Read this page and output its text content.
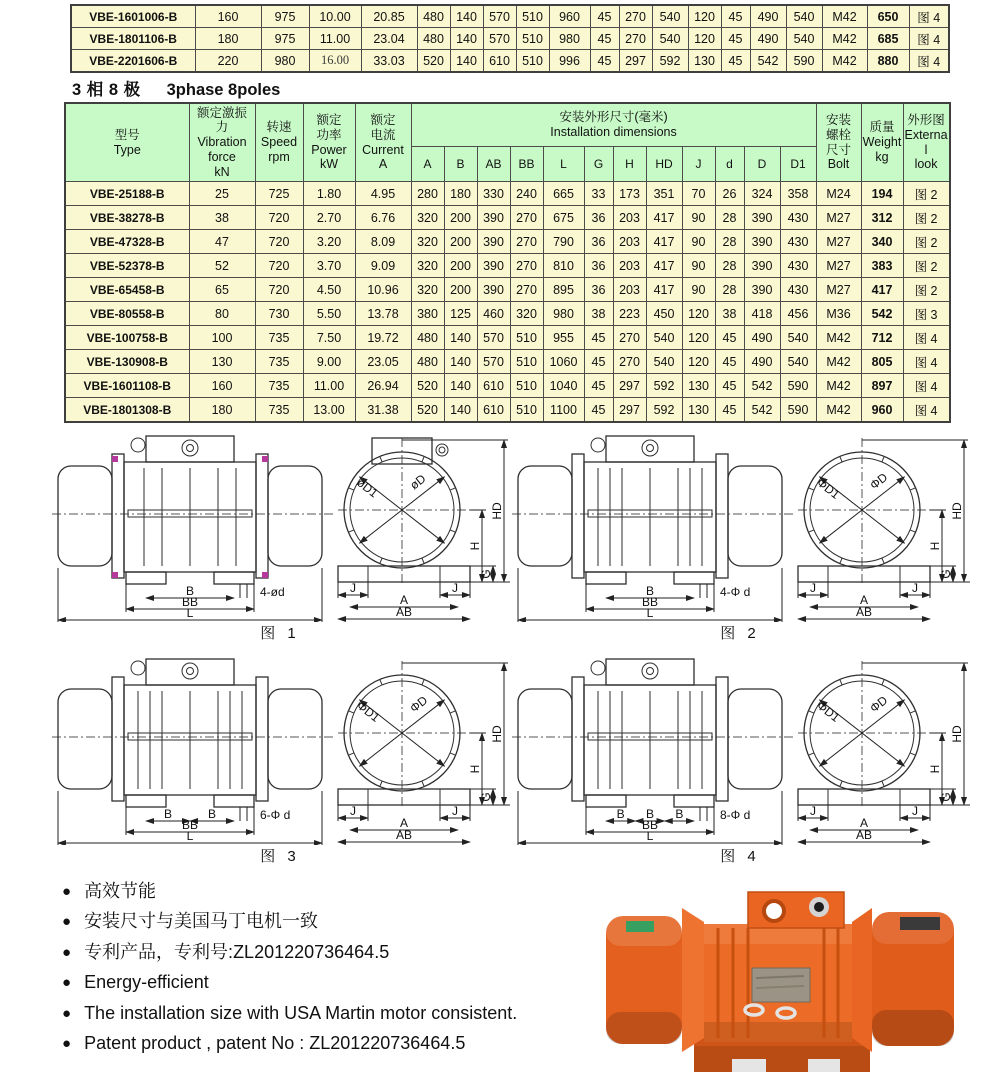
VBE-1601006-B	160	975	10.00	20.85	480	140	570	510	960	45	270	540	120	45	490	540	M42	650	图 4
VBE-1801106-B	180	975	11.00	23.04	480	140	570	510	980	45	270	540	120	45	490	540	M42	685	图 4
VBE-2201606-B	220	980	16.00	33.03	520	140	610	510	996	45	297	592	130	45	542	590	M42	880	图 4
3 相 8 极 3phase 8poles
型号
Type	额定激振
力
Vibration
force
kN	转速
Speed
rpm	额定
功率
Power
kW	额定
电流
Current
A	安装外形尺寸(毫米)
Installation dimensions												安装
螺栓
尺寸
Bolt	质量
Weight
kg	外形图
Externa
l
look
					A	B	AB	BB	L	G	H	HD	J	d	D	D1			
VBE-25188-B	25	725	1.80	4.95	280	180	330	240	665	33	173	351	70	26	324	358	M24	194	图 2
VBE-38278-B	38	720	2.70	6.76	320	200	390	270	675	36	203	417	90	28	390	430	M27	312	图 2
VBE-47328-B	47	720	3.20	8.09	320	200	390	270	790	36	203	417	90	28	390	430	M27	340	图 2
VBE-52378-B	52	720	3.70	9.09	320	200	390	270	810	36	203	417	90	28	390	430	M27	383	图 2
VBE-65458-B	65	720	4.50	10.96	320	200	390	270	895	36	203	417	90	28	390	430	M27	417	图 2
VBE-80558-B	80	730	5.50	13.78	380	125	460	320	980	38	223	450	120	38	418	456	M36	542	图 3
VBE-100758-B	100	735	7.50	19.72	480	140	570	510	955	45	270	540	120	45	490	540	M42	712	图 4
VBE-130908-B	130	735	9.00	23.05	480	140	570	510	1060	45	270	540	120	45	490	540	M42	805	图 4
VBE-1601108-B	160	735	11.00	26.94	520	140	610	510	1040	45	297	592	130	45	542	590	M42	897	图 4
VBE-1801308-B	180	735	13.00	31.38	520	140	610	510	1100	45	297	592	130	45	542	590	M42	960	图 4
4-ød
B
BB
L
øD
øD1
J	J
A
AB
H
G
HD
图 1
4-Φ d
B
BB
L
ΦD
ΦD1
J	J
A
AB
H
G
HD
图 2
6-Φ d
B	B
BB
L
ΦD
ΦD1
J	J
A
AB
H
G
HD
图 3
8-Φ d
B B B
BB
L
ΦD
ΦD1
J	J
A
AB
H
G
HD
图 4
● 高效节能
● 安装尺寸与美国马丁电机一致
● 专利产品，专利号:ZL201220736464.5
● Energy-efficient
● The installation size with USA Martin motor consistent.
● Patent product , patent No : ZL201220736464.5
